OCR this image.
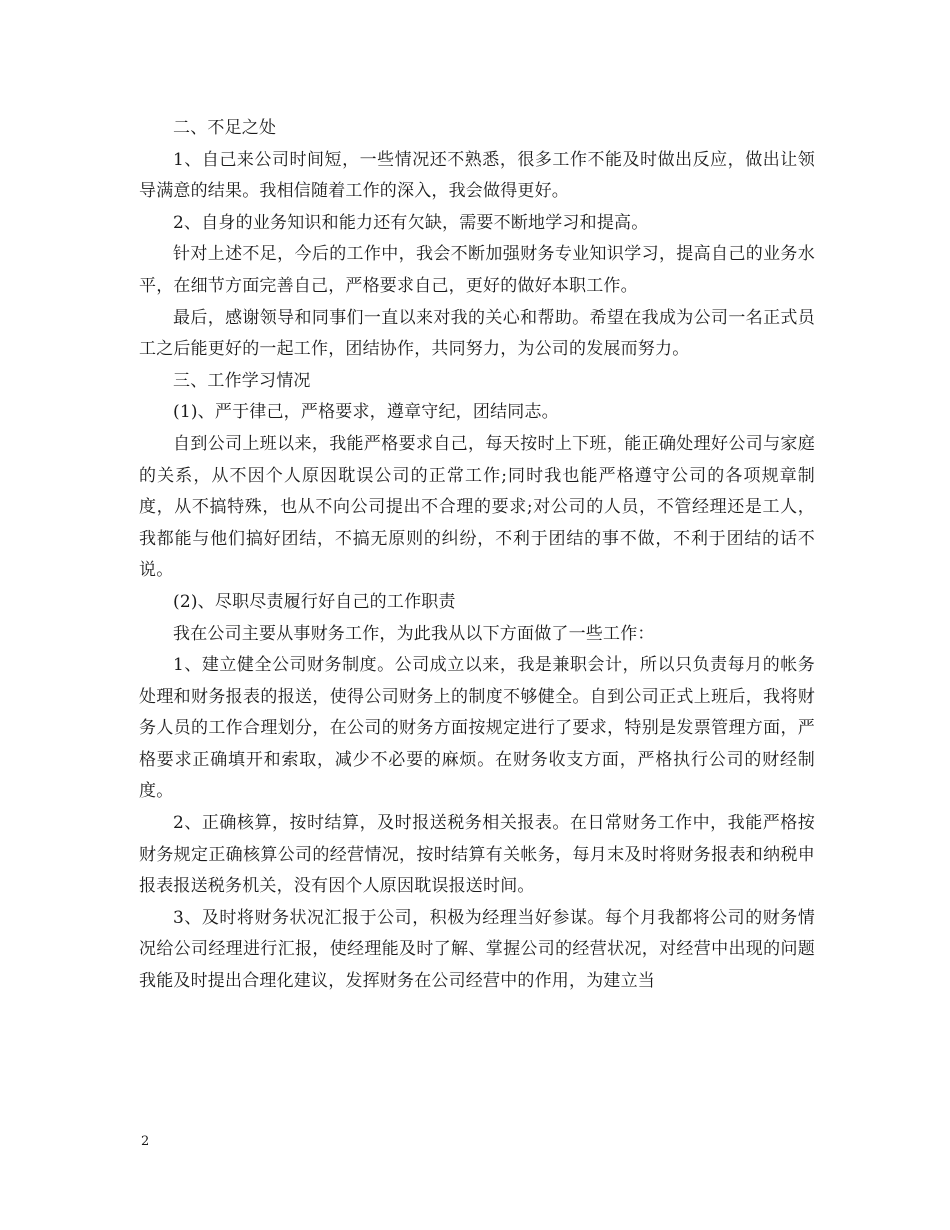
二、不足之处

1、自己来公司时间短，一些情况还不熟悉，很多工作不能及时做出反应，做出让领导满意的结果。我相信随着工作的深入，我会做得更好。

2、自身的业务知识和能力还有欠缺，需要不断地学习和提高。

针对上述不足，今后的工作中，我会不断加强财务专业知识学习，提高自己的业务水平，在细节方面完善自己，严格要求自己，更好的做好本职工作。

最后，感谢领导和同事们一直以来对我的关心和帮助。希望在我成为公司一名正式员工之后能更好的一起工作，团结协作，共同努力，为公司的发展而努力。

三、工作学习情况

(1)、严于律己，严格要求，遵章守纪，团结同志。

自到公司上班以来，我能严格要求自己，每天按时上下班，能正确处理好公司与家庭的关系，从不因个人原因耽误公司的正常工作;同时我也能严格遵守公司的各项规章制度，从不搞特殊，也从不向公司提出不合理的要求;对公司的人员，不管经理还是工人，我都能与他们搞好团结，不搞无原则的纠纷，不利于团结的事不做，不利于团结的话不说。

(2)、尽职尽责履行好自己的工作职责

我在公司主要从事财务工作，为此我从以下方面做了一些工作：

1、建立健全公司财务制度。公司成立以来，我是兼职会计，所以只负责每月的帐务处理和财务报表的报送，使得公司财务上的制度不够健全。自到公司正式上班后，我将财务人员的工作合理划分，在公司的财务方面按规定进行了要求，特别是发票管理方面，严格要求正确填开和索取，减少不必要的麻烦。在财务收支方面，严格执行公司的财经制度。

2、正确核算，按时结算，及时报送税务相关报表。在日常财务工作中，我能严格按财务规定正确核算公司的经营情况，按时结算有关帐务，每月末及时将财务报表和纳税申报表报送税务机关，没有因个人原因耽误报送时间。

3、及时将财务状况汇报于公司，积极为经理当好参谋。每个月我都将公司的财务情况给公司经理进行汇报，使经理能及时了解、掌握公司的经营状况，对经营中出现的问题我能及时提出合理化建议，发挥财务在公司经营中的作用，为建立当

2
